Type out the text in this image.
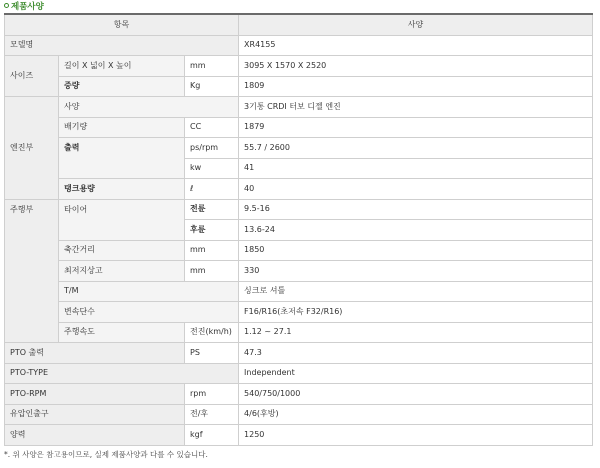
제품사양
항목			사양
모델명			XR4155
사이즈	길이 X 넓이 X 높이	mm	3095 X 1570 X 2520
	중량	Kg	1809
엔진부	사양		3기통 CRDI 터보 디젤 엔진
	배기량	CC	1879
	출력	ps/rpm	55.7 / 2600
		kw	41
	탱크용량	ℓ	40
주행부	타이어	전륜	9.5-16
		후륜	13.6-24
	축간거리	mm	1850
	최저지상고	mm	330
	T/M		싱크로 셔틀
	변속단수		F16/R16(초저속 F32/R16)
	주행속도	전진(km/h)	1.12 ~ 27.1
PTO 출력		PS	47.3
PTO-TYPE			Independent
PTO-RPM		rpm	540/750/1000
유압인출구		전/후	4/6(후방)
양력		kgf	1250
*. 위 사양은 참고용이므로, 실제 제품사양과 다를 수 있습니다.
